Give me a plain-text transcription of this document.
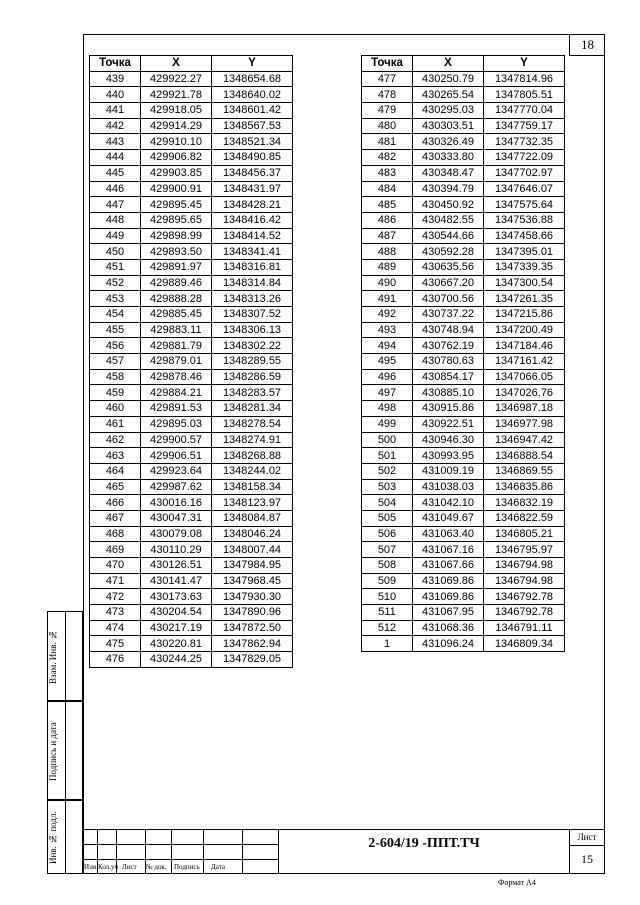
18
Точка	X	Y
439	429922.27	1348654.68
440	429921.78	1348640.02
441	429918.05	1348601.42
442	429914.29	1348567.53
443	429910.10	1348521.34
444	429906.82	1348490.85
445	429903.85	1348456.37
446	429900.91	1348431.97
447	429895.45	1348428.21
448	429895.65	1348416.42
449	429898.99	1348414.52
450	429893.50	1348341.41
451	429891.97	1348316.81
452	429889.46	1348314.84
453	429888.28	1348313.26
454	429885.45	1348307.52
455	429883.11	1348306.13
456	429881.79	1348302.22
457	429879.01	1348289.55
458	429878.46	1348286.59
459	429884.21	1348283.57
460	429891.53	1348281.34
461	429895.03	1348278.54
462	429900.57	1348274.91
463	429906.51	1348268.88
464	429923.64	1348244.02
465	429987.62	1348158.34
466	430016.16	1348123.97
467	430047.31	1348084.87
468	430079.08	1348046.24
469	430110.29	1348007.44
470	430126.51	1347984.95
471	430141.47	1347968.45
472	430173.63	1347930.30
473	430204.54	1347890.96
474	430217.19	1347872.50
475	430220.81	1347862.94
476	430244.25	1347829.05
Точка	X	Y
477	430250.79	1347814.96
478	430265.54	1347805.51
479	430295.03	1347770.04
480	430303.51	1347759.17
481	430326.49	1347732.35
482	430333.80	1347722.09
483	430348.47	1347702.97
484	430394.79	1347646.07
485	430450.92	1347575.64
486	430482.55	1347536.88
487	430544.66	1347458.66
488	430592.28	1347395.01
489	430635.56	1347339.35
490	430667.20	1347300.54
491	430700.56	1347261.35
492	430737.22	1347215.86
493	430748.94	1347200.49
494	430762.19	1347184.46
495	430780.63	1347161.42
496	430854.17	1347066.05
497	430885.10	1347026.76
498	430915.86	1346987.18
499	430922.51	1346977.98
500	430946.30	1346947.42
501	430993.95	1346888.54
502	431009.19	1346869.55
503	431038.03	1346835.86
504	431042.10	1346832.19
505	431049.67	1346822.59
506	431063.40	1346805.21
507	431067.16	1346795.97
508	431067.66	1346794.98
509	431069.86	1346794.98
510	431069.86	1346792.78
511	431067.95	1346792.78
512	431068.36	1346791.11
1	431096.24	1346809.34
Взам. Инв. №
Подпись и дата
Инв. № подл.
Изм. Кол.уч Лист № док. Подпись Дата
2-604/19 -ППТ.ТЧ	Лист
15
Формат А4
